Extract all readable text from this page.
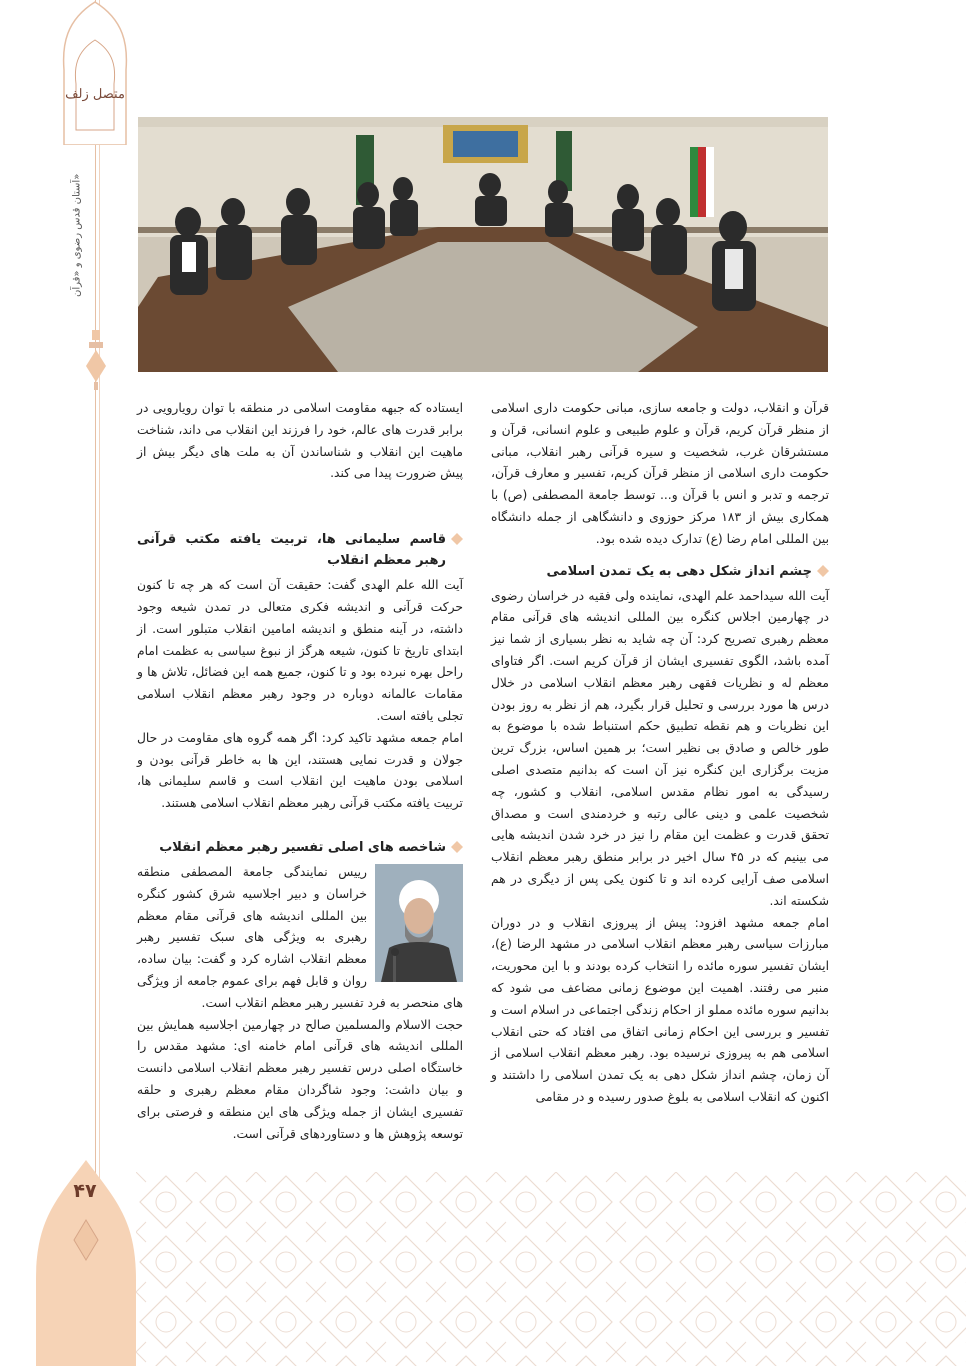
متصل زلف
آستان قدس رضوی و «قرآن»
۴۷

قرآن و انقلاب، دولت و جامعه سازی، مبانی حکومت داری اسلامی از منظر قرآن کریم، قرآن و علوم طبیعی و علوم انسانی، قرآن و مستشرقان غرب، شخصیت و سیره قرآنی رهبر انقلاب، مبانی حکومت داری اسلامی از منظر قرآن کریم، تفسیر و معارف قرآن، ترجمه و تدبر و انس با قرآن و... توسط جامعة المصطفی (ص) با همکاری بیش از ۱۸۳ مرکز حوزوی و دانشگاهی از جمله دانشگاه بین المللی امام رضا (ع) تدارک دیده شده بود.

چشم انداز شکل دهی به یک تمدن اسلامی

آیت الله سیداحمد علم الهدی، نماینده ولی فقیه در خراسان رضوی در چهارمین اجلاس کنگره بین المللی اندیشه های قرآنی مقام معظم رهبری تصریح کرد: آن چه شاید به نظر بسیاری از شما نیز آمده باشد، الگوی تفسیری ایشان از قرآن کریم است. اگر فتاوای معظم له و نظریات فقهی رهبر معظم انقلاب اسلامی در خلال درس ها مورد بررسی و تحلیل قرار بگیرد، هم از نظر به روز بودن این نظریات و هم نقطه تطبیق حکم استنباط شده با موضوع به طور خالص و صادق بی نظیر است؛ بر همین اساس، بزرگ ترین مزیت برگزاری این کنگره نیز آن است که بدانیم متصدی اصلی رسیدگی به امور نظام مقدس اسلامی، انقلاب و کشور، چه شخصیت علمی و دینی عالی رتبه و خردمندی است و مصداق تحقق قدرت و عظمت این مقام را نیز در خرد شدن اندیشه هایی می بینیم که در ۴۵ سال اخیر در برابر منطق رهبر معظم انقلاب اسلامی صف آرایی کرده اند و تا کنون یکی پس از دیگری در هم شکسته اند.

امام جمعه مشهد افزود: پیش از پیروزی انقلاب و در دوران مبارزات سیاسی رهبر معظم انقلاب اسلامی در مشهد الرضا (ع)، ایشان تفسیر سوره مائده را انتخاب کرده بودند و با این محوریت، منبر می رفتند. اهمیت این موضوع زمانی مضاعف می شود که بدانیم سوره مائده مملو از احکام زندگی اجتماعی در اسلام است و تفسیر و بررسی این احکام زمانی اتفاق می افتاد که حتی انقلاب اسلامی هم به پیروزی نرسیده بود. رهبر معظم انقلاب اسلامی از آن زمان، چشم انداز شکل دهی به یک تمدن اسلامی را داشتند و اکنون که انقلاب اسلامی به بلوغ صدور رسیده و در مقامی

ایستاده که جبهه مقاومت اسلامی در منطقه با توان رویارویی در برابر قدرت های عالم، خود را فرزند این انقلاب می داند، شناخت ماهیت این انقلاب و شناساندن آن به ملت های دیگر بیش از پیش ضرورت پیدا می کند.

قاسم سلیمانی ها، تربیت یافته مکتب قرآنی رهبر معظم انقلاب

آیت الله علم الهدی گفت: حقیقت آن است که هر چه تا کنون حرکت قرآنی و اندیشه فکری متعالی در تمدن شیعه وجود داشته، در آینه منطق و اندیشه امامین انقلاب متبلور است. از ابتدای تاریخ تا کنون، شیعه هرگز از نبوغ سیاسی به عظمت امام راحل بهره نبرده بود و تا کنون، جمیع همه این فضائل، تلاش ها و مقامات عالمانه دوباره در وجود رهبر معظم انقلاب اسلامی تجلی یافته است.

امام جمعه مشهد تاکید کرد: اگر همه گروه های مقاومت در حال جولان و قدرت نمایی هستند، این ها به خاطر قرآنی بودن و اسلامی بودن ماهیت این انقلاب است و قاسم سلیمانی ها، تربیت یافته مکتب قرآنی رهبر معظم انقلاب اسلامی هستند.

شاخصه های اصلی تفسیر رهبر معظم انقلاب

رییس نمایندگی جامعة المصطفی منطقه خراسان و دبیر اجلاسیه شرق کشور کنگره بین المللی اندیشه های قرآنی مقام معظم رهبری به ویژگی های سبک تفسیر رهبر معظم انقلاب اشاره کرد و گفت: بیان ساده، روان و قابل فهم برای عموم جامعه از ویژگی های منحصر به فرد تفسیر رهبر معظم انقلاب است.

حجت الاسلام والمسلمین صالح در چهارمین اجلاسیه همایش بین المللی اندیشه های قرآنی امام خامنه ای: مشهد مقدس را خاستگاه اصلی درس تفسیر رهبر معظم انقلاب اسلامی دانست و بیان داشت: وجود شاگردان مقام معظم رهبری و حلقه تفسیری ایشان از جمله ویژگی های این منطقه و فرصتی برای توسعه پژوهش ها و دستاوردهای قرآنی است.
